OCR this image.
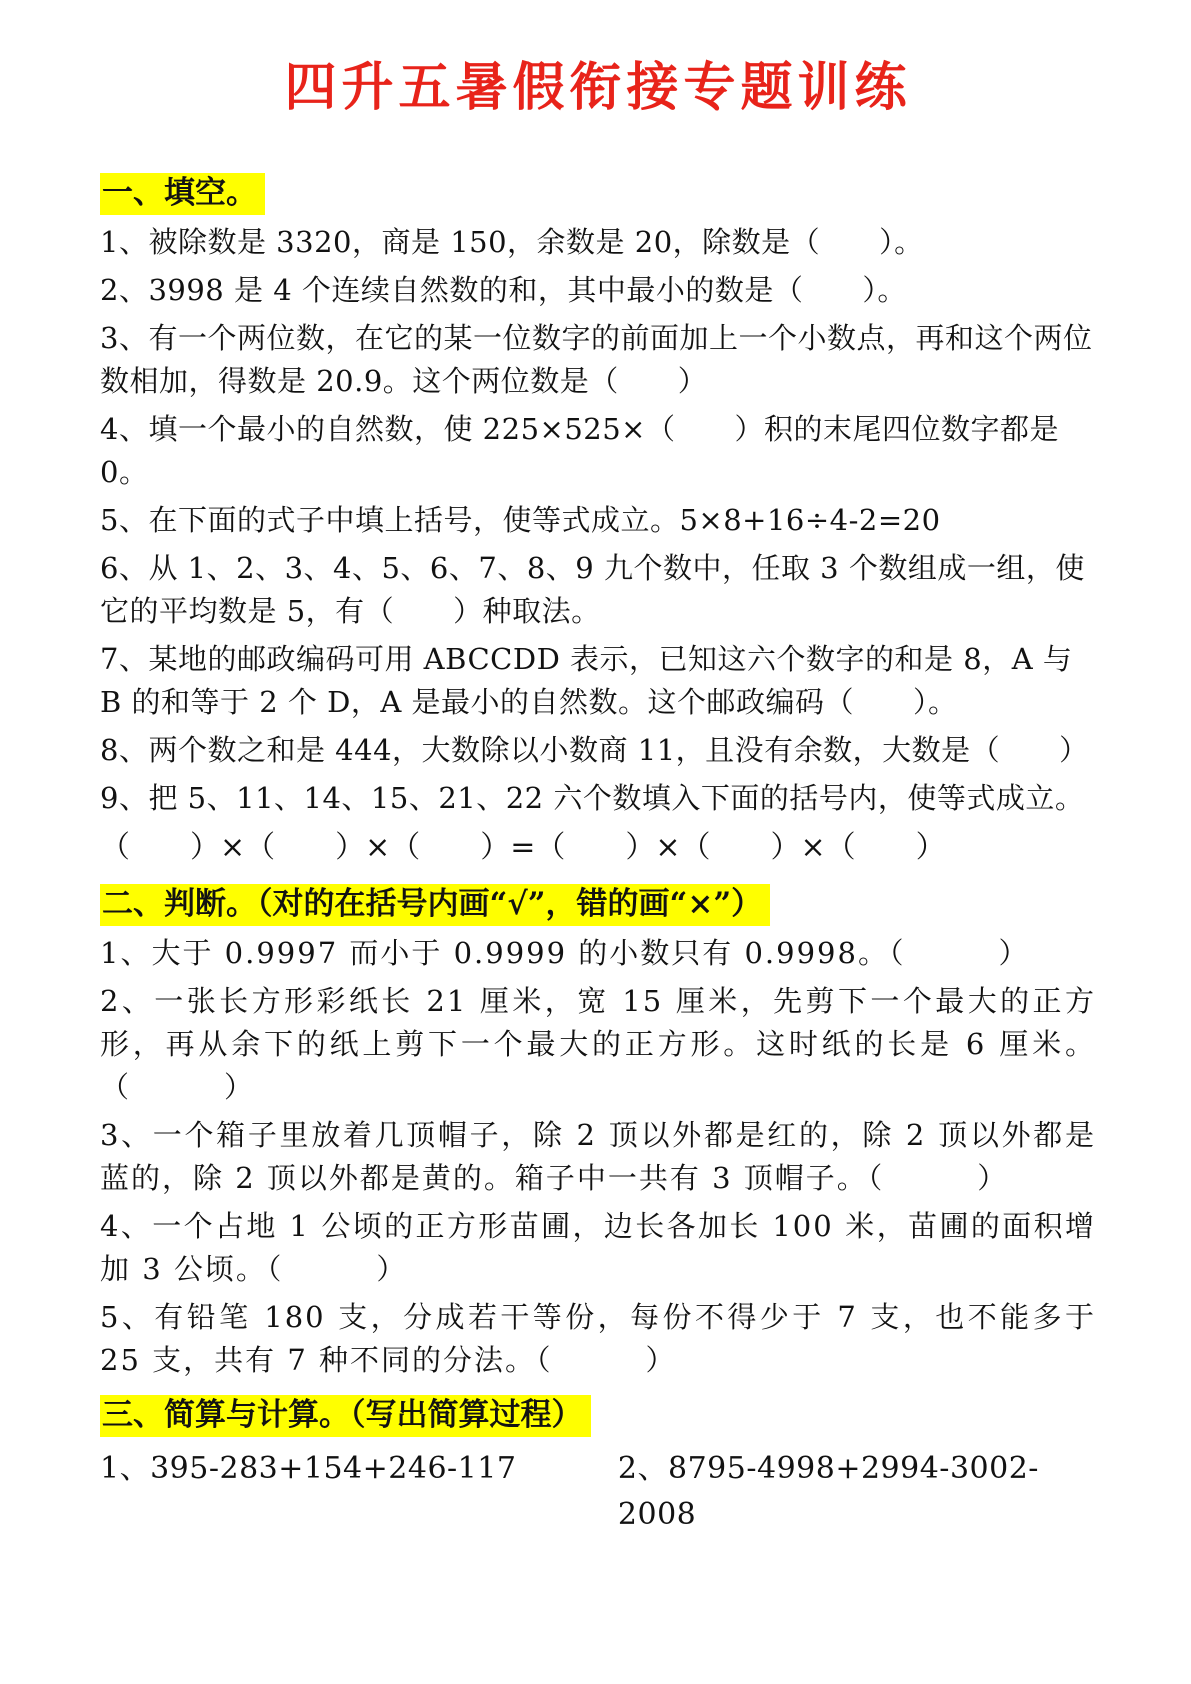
四升五暑假衔接专题训练
一、填空。

1、被除数是 3320，商是 150，余数是 20，除数是（　　）。

2、3998 是 4 个连续自然数的和，其中最小的数是（　　）。

3、有一个两位数，在它的某一位数字的前面加上一个小数点，再和这个两位数相加，得数是 20.9。这个两位数是（　　）

4、填一个最小的自然数，使 225×525×（　　）积的末尾四位数字都是 0。

5、在下面的式子中填上括号，使等式成立。5×8+16÷4-2=20

6、从 1、2、3、4、5、6、7、8、9 九个数中，任取 3 个数组成一组，使它的平均数是 5，有（　　）种取法。

7、某地的邮政编码可用 ABCCDD 表示，已知这六个数字的和是 8，A 与 B 的和等于 2 个 D，A 是最小的自然数。这个邮政编码（　　）。

8、两个数之和是 444，大数除以小数商 11，且没有余数，大数是（　　）

9、把 5、11、14、15、21、22 六个数填入下面的括号内，使等式成立。

（　　）×（　　）×（　　）=（　　）×（　　）×（　　）

二、判断。（对的在括号内画“√”，错的画“×”）

1、大于 0.9997 而小于 0.9999 的小数只有 0.9998。（　　　）

2、一张长方形彩纸长 21 厘米，宽 15 厘米，先剪下一个最大的正方形，再从余下的纸上剪下一个最大的正方形。这时纸的长是 6 厘米。（　　　）

3、一个箱子里放着几顶帽子，除 2 顶以外都是红的，除 2 顶以外都是蓝的，除 2 顶以外都是黄的。箱子中一共有 3 顶帽子。（　　　）

4、一个占地 1 公顷的正方形苗圃，边长各加长 100 米，苗圃的面积增加 3 公顷。（　　　）

5、有铅笔 180 支，分成若干等份，每份不得少于 7 支，也不能多于 25 支，共有 7 种不同的分法。（　　　）

三、简算与计算。（写出简算过程）
1、395-283+154+246-117	2、8795-4998+2994-3002-2008
